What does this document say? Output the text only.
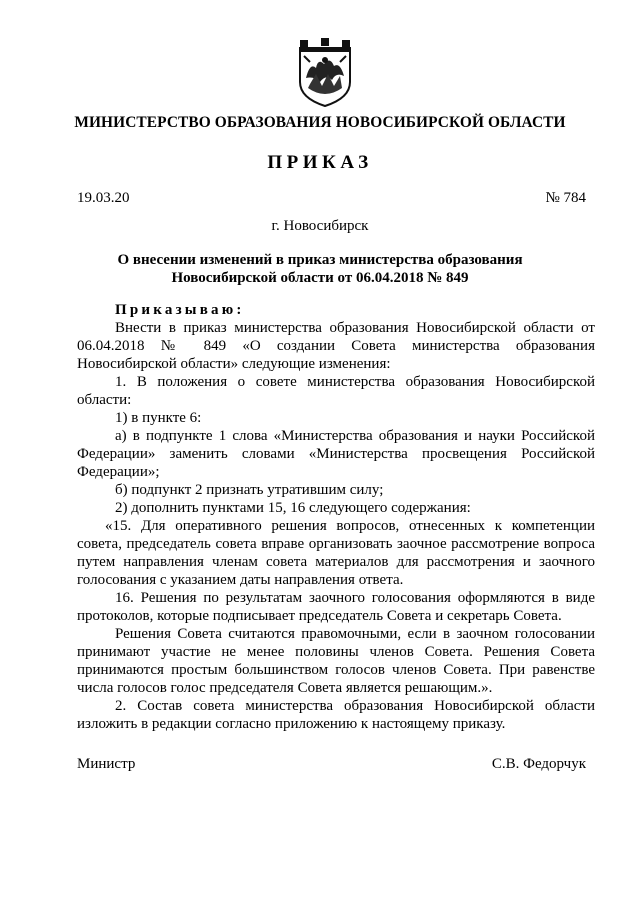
МИНИСТЕРСТВО ОБРАЗОВАНИЯ НОВОСИБИРСКОЙ ОБЛАСТИ
ПРИКАЗ
19.03.20	№ 784
г. Новосибирск
О внесении изменений в приказ министерства образования
Новосибирской области от 06.04.2018 № 849

Приказываю:

Внести в приказ министерства образования Новосибирской области от 06.04.2018 № 849 «О создании Совета министерства образования Новосибирской области» следующие изменения:

1. В положения о совете министерства образования Новосибирской области:

1) в пункте 6:

а) в подпункте 1 слова «Министерства образования и науки Российской Федерации» заменить словами «Министерства просвещения Российской Федерации»;

б) подпункт 2 признать утратившим силу;

2) дополнить пунктами 15, 16 следующего содержания:

«15. Для оперативного решения вопросов, отнесенных к компетенции совета, председатель совета вправе организовать заочное рассмотрение вопроса путем направления членам совета материалов для рассмотрения и заочного голосования с указанием даты направления ответа.

16. Решения по результатам заочного голосования оформляются в виде протоколов, которые подписывает председатель Совета и секретарь Совета.

Решения Совета считаются правомочными, если в заочном голосовании принимают участие не менее половины членов Совета. Решения Совета принимаются простым большинством голосов членов Совета. При равенстве числа голосов голос председателя Совета является решающим.».

2. Состав совета министерства образования Новосибирской области изложить в редакции согласно приложению к настоящему приказу.

Министр	С.В. Федорчук
